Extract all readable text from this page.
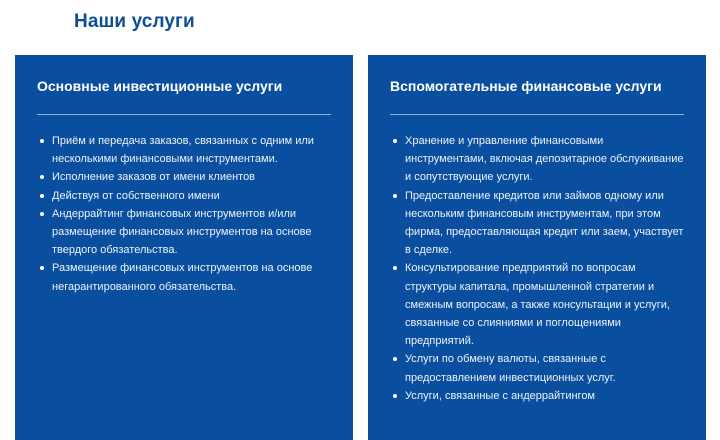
Наши услуги
Основные инвестиционные услуги
Приём и передача заказов, связанных с одним или несколькими финансовыми инструментами.
Исполнение заказов от имени клиентов
Действуя от собственного имени
Андеррайтинг финансовых инструментов и/или размещение финансовых инструментов на основе твердого обязательства.
Размещение финансовых инструментов на основе негарантированного обязательства.
Вспомогательные финансовые услуги
Хранение и управление финансовыми инструментами, включая депозитарное обслуживание и сопутствующие услуги.
Предоставление кредитов или займов одному или нескольким финансовым инструментам, при этом фирма, предоставляющая кредит или заем, участвует в сделке.
Консультирование предприятий по вопросам структуры капитала, промышленной стратегии и смежным вопросам, а также консультации и услуги, связанные со слияниями и поглощениями предприятий.
Услуги по обмену валюты, связанные с предоставлением инвестиционных услуг.
Услуги, связанные с андеррайтингом
